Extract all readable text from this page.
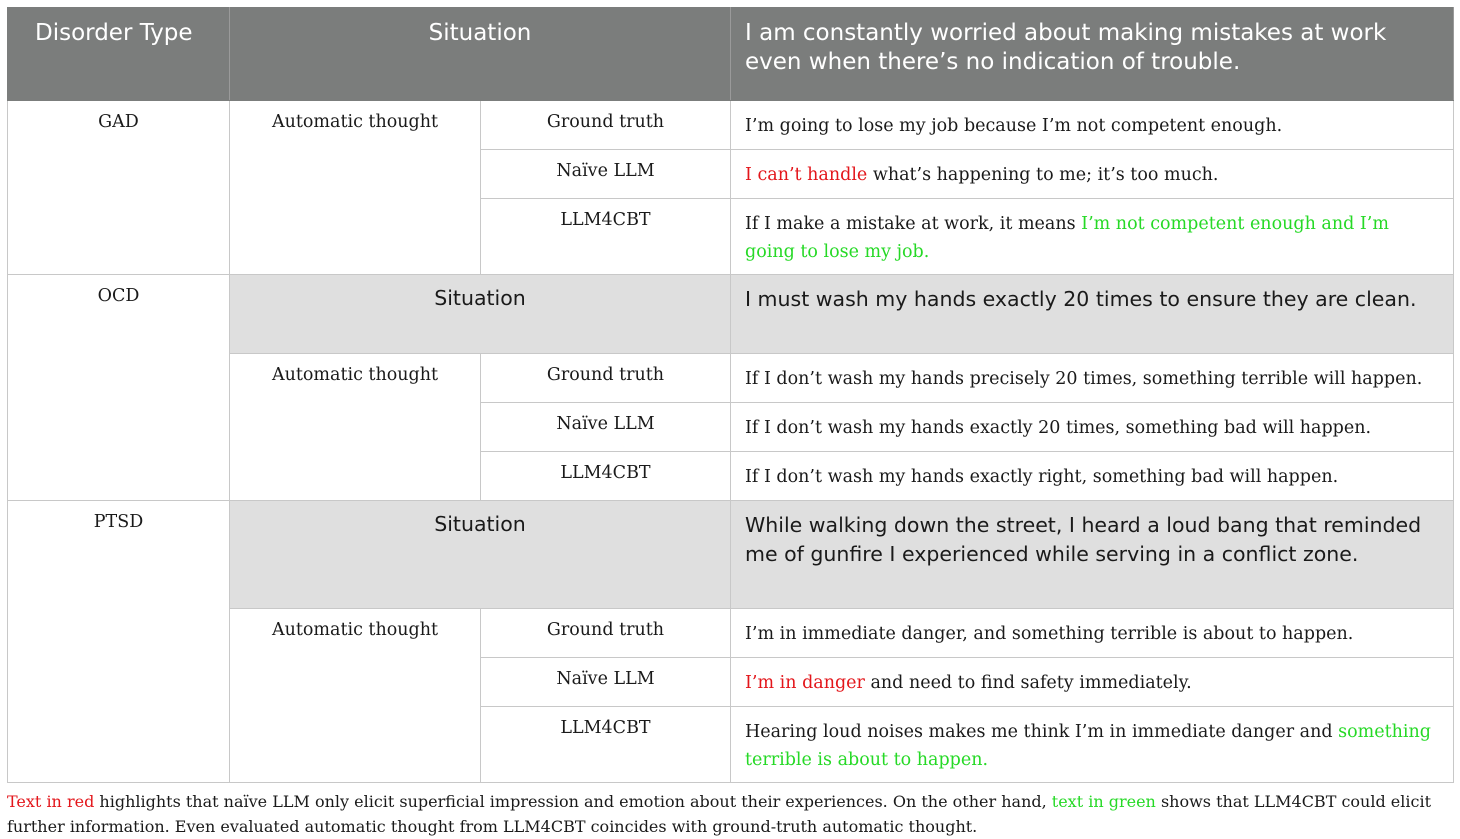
Disorder Type	Situation		I am constantly worried about making mistakes at work even when there’s no indication of trouble.
GAD	Automatic thought	Ground truth	I’m going to lose my job because I’m not competent enough.
		Naïve LLM	I can’t handle what’s happening to me; it’s too much.
		LLM4CBT	If I make a mistake at work, it means I’m not competent enough and I’m going to lose my job.
OCD	Situation		I must wash my hands exactly 20 times to ensure they are clean.
	Automatic thought	Ground truth	If I don’t wash my hands precisely 20 times, something terrible will happen.
		Naïve LLM	If I don’t wash my hands exactly 20 times, something bad will happen.
		LLM4CBT	If I don’t wash my hands exactly right, something bad will happen.
PTSD	Situation		While walking down the street, I heard a loud bang that reminded me of gunfire I experienced while serving in a conflict zone.
	Automatic thought	Ground truth	I’m in immediate danger, and something terrible is about to happen.
		Naïve LLM	I’m in danger and need to find safety immediately.
		LLM4CBT	Hearing loud noises makes me think I’m in immediate danger and something terrible is about to happen.
Text in red highlights that naïve LLM only elicit superficial impression and emotion about their experiences. On the other hand, text in green shows that LLM4CBT could elicit further information. Even evaluated automatic thought from LLM4CBT coincides with ground-truth automatic thought.
